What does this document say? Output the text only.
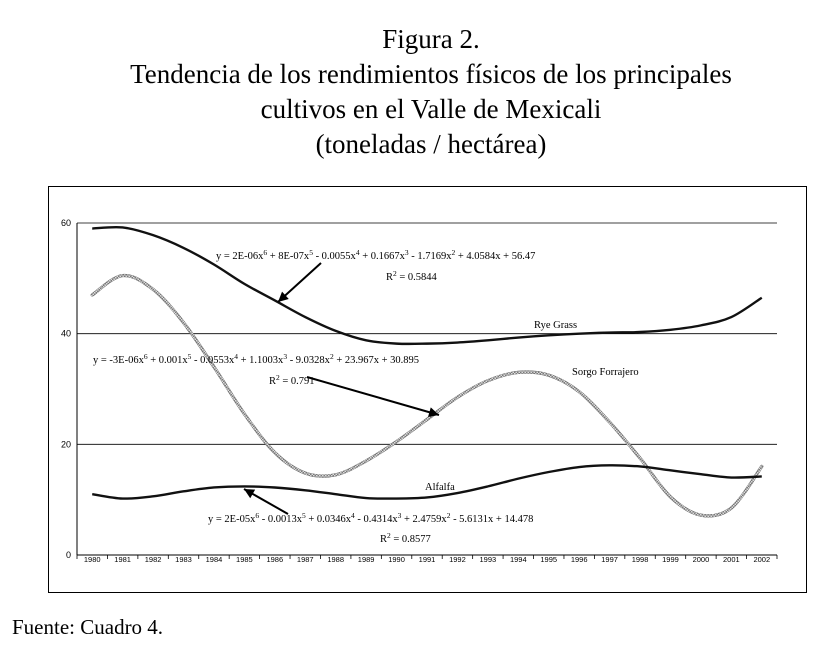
Figura 2.

Tendencia de los rendimientos físicos de los principales

cultivos en el Valle de Mexicali

(toneladas / hectárea)

0
20
40
60
1980 1981 1982 1983 1984 1985 1986 1987 1988 1989 1990 1991 1992 1993 1994 1995 1996 1997 1998 1999 2000 2001 2002
Rye Grass
Sorgo Forrajero
Alfalfa
$y = 2E-06x^6 + 8E-07x^5 - 0.0055x^4 + 0.1667x^3 - 1.7169x^2 + 4.0584x + 56.47$
$R^2 = 0.5844$
$y = -3E-06x^6 + 0.001x^5 - 0.0553x^4 + 1.1003x^3 - 9.0328x^2 + 23.967x + 30.895$
$R^2 = 0.791$
$y = 2E-05x^6 - 0.0013x^5 + 0.0346x^4 - 0.4314x^3 + 2.4759x^2 - 5.6131x + 14.478$
$R^2 = 0.8577$
Fuente: Cuadro 4.
